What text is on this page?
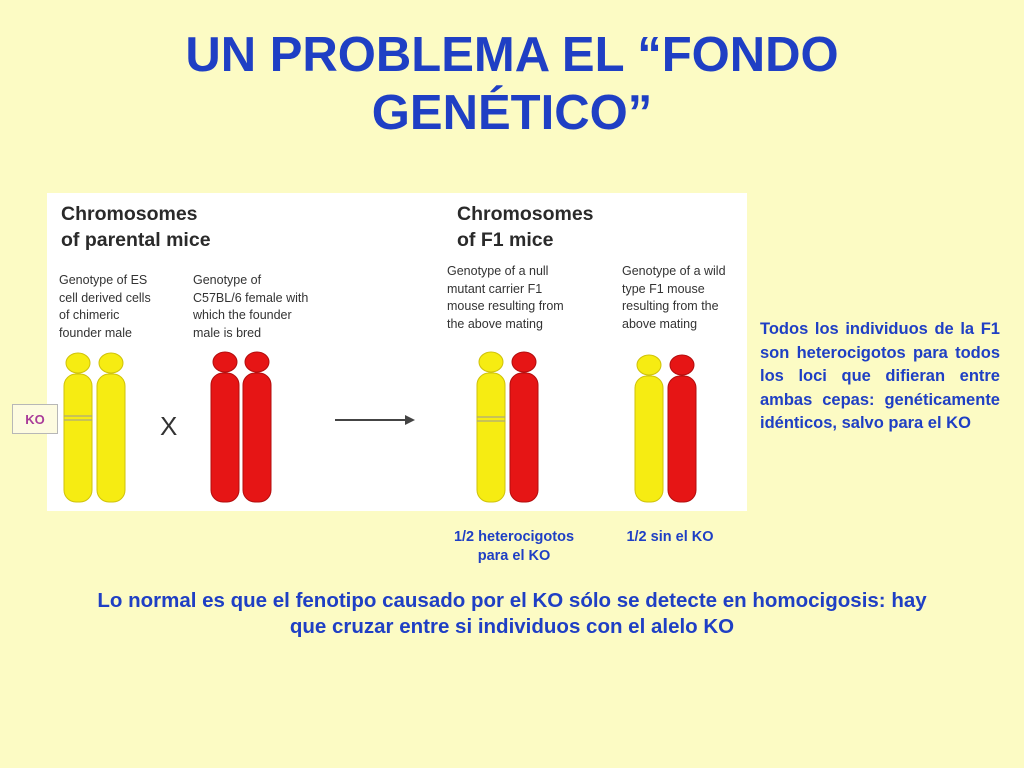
UN PROBLEMA EL “FONDO
GENÉTICO”
Chromosomes
of parental mice
Chromosomes
of F1 mice
Genotype of ES
cell derived cells
of chimeric
founder male
Genotype of
C57BL/6 female with
which the founder
male is bred
Genotype of a null
mutant carrier F1
mouse resulting from
the above mating
Genotype of a wild
type F1 mouse
resulting from the
above mating
X
KO
1/2 heterocigotos
para el KO
1/2 sin el KO
Todos los individuos de la F1 son heterocigotos para todos los loci que difieran entre ambas cepas: genéticamente idénticos, salvo para el KO
Lo normal es que el fenotipo causado por el KO sólo se detecte en homocigosis: hay
que cruzar entre si individuos con el alelo KO
